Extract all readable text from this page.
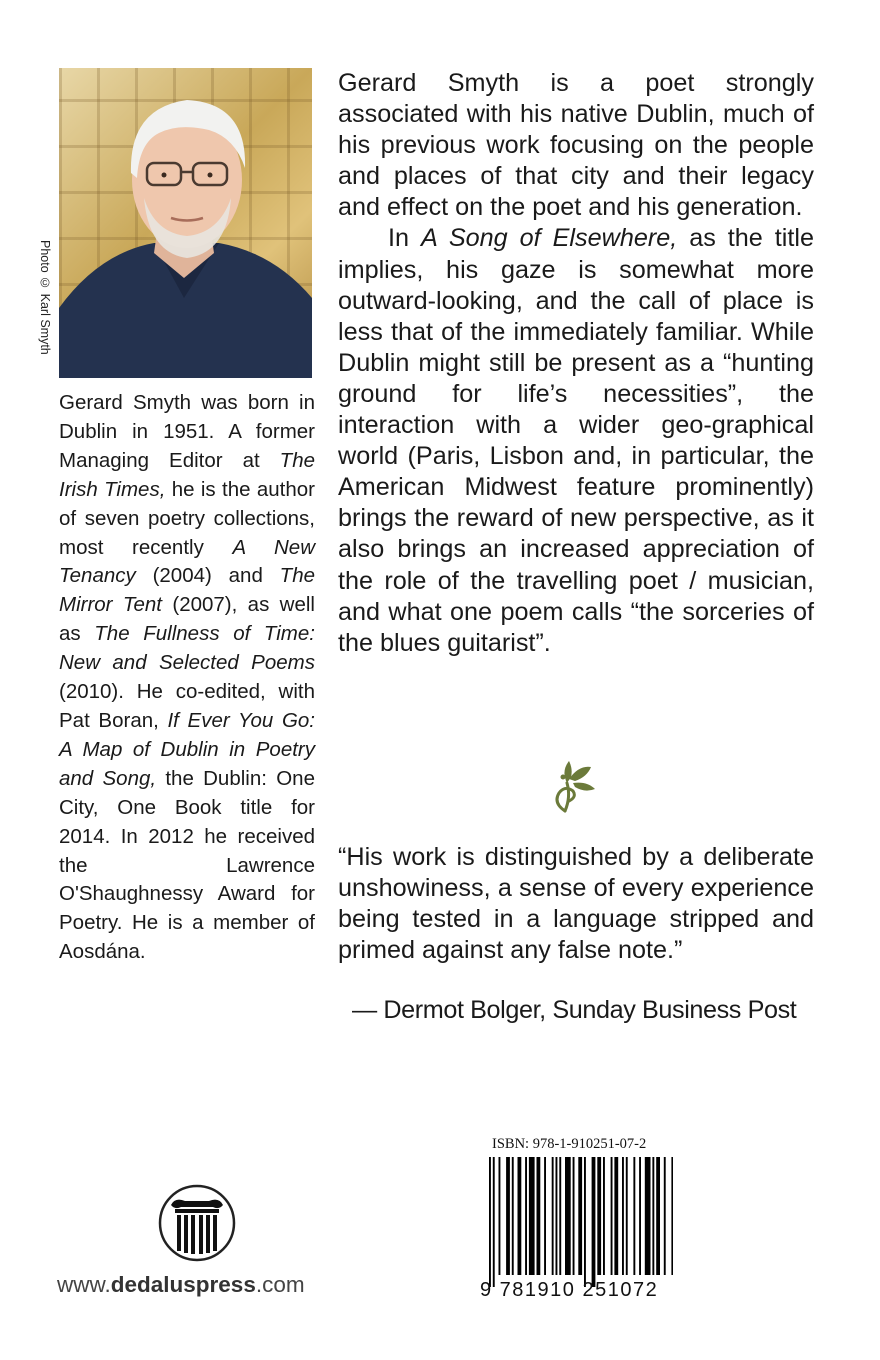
Photo © Karl Smyth
Gerard Smyth was born in Dublin in 1951. A former Managing Editor at The Irish Times, he is the author of seven poetry collections, most recently A New Tenancy (2004) and The Mirror Tent (2007), as well as The Fullness of Time: New and Selected Poems (2010). He co-edited, with Pat Boran, If Ever You Go: A Map of Dublin in Poetry and Song, the Dublin: One City, One Book title for 2014. In 2012 he received the Lawrence O'Shaughnessy Award for Poetry. He is a member of Aosdána.

Gerard Smyth is a poet strongly associated with his native Dublin, much of his previous work focusing on the people and places of that city and their legacy and effect on the poet and his generation.

In A Song of Elsewhere, as the title implies, his gaze is somewhat more outward-looking, and the call of place is less that of the immediately familiar. While Dublin might still be present as a “hunting ground for life’s necessities”, the interaction with a wider geo-graphical world (Paris, Lisbon and, in particular, the American Midwest feature prominently) brings the reward of new perspective, as it also brings an increased appreciation of the role of the travelling poet / musician, and what one poem calls “the sorceries of the blues guitarist”.

“His work is distinguished by a deliberate unshowiness, a sense of every experience being tested in a language stripped and primed against any false note.”

— Dermot Bolger, Sunday Business Post
www.dedaluspress.com
ISBN: 978-1-910251-07-2
9 781910 251072
